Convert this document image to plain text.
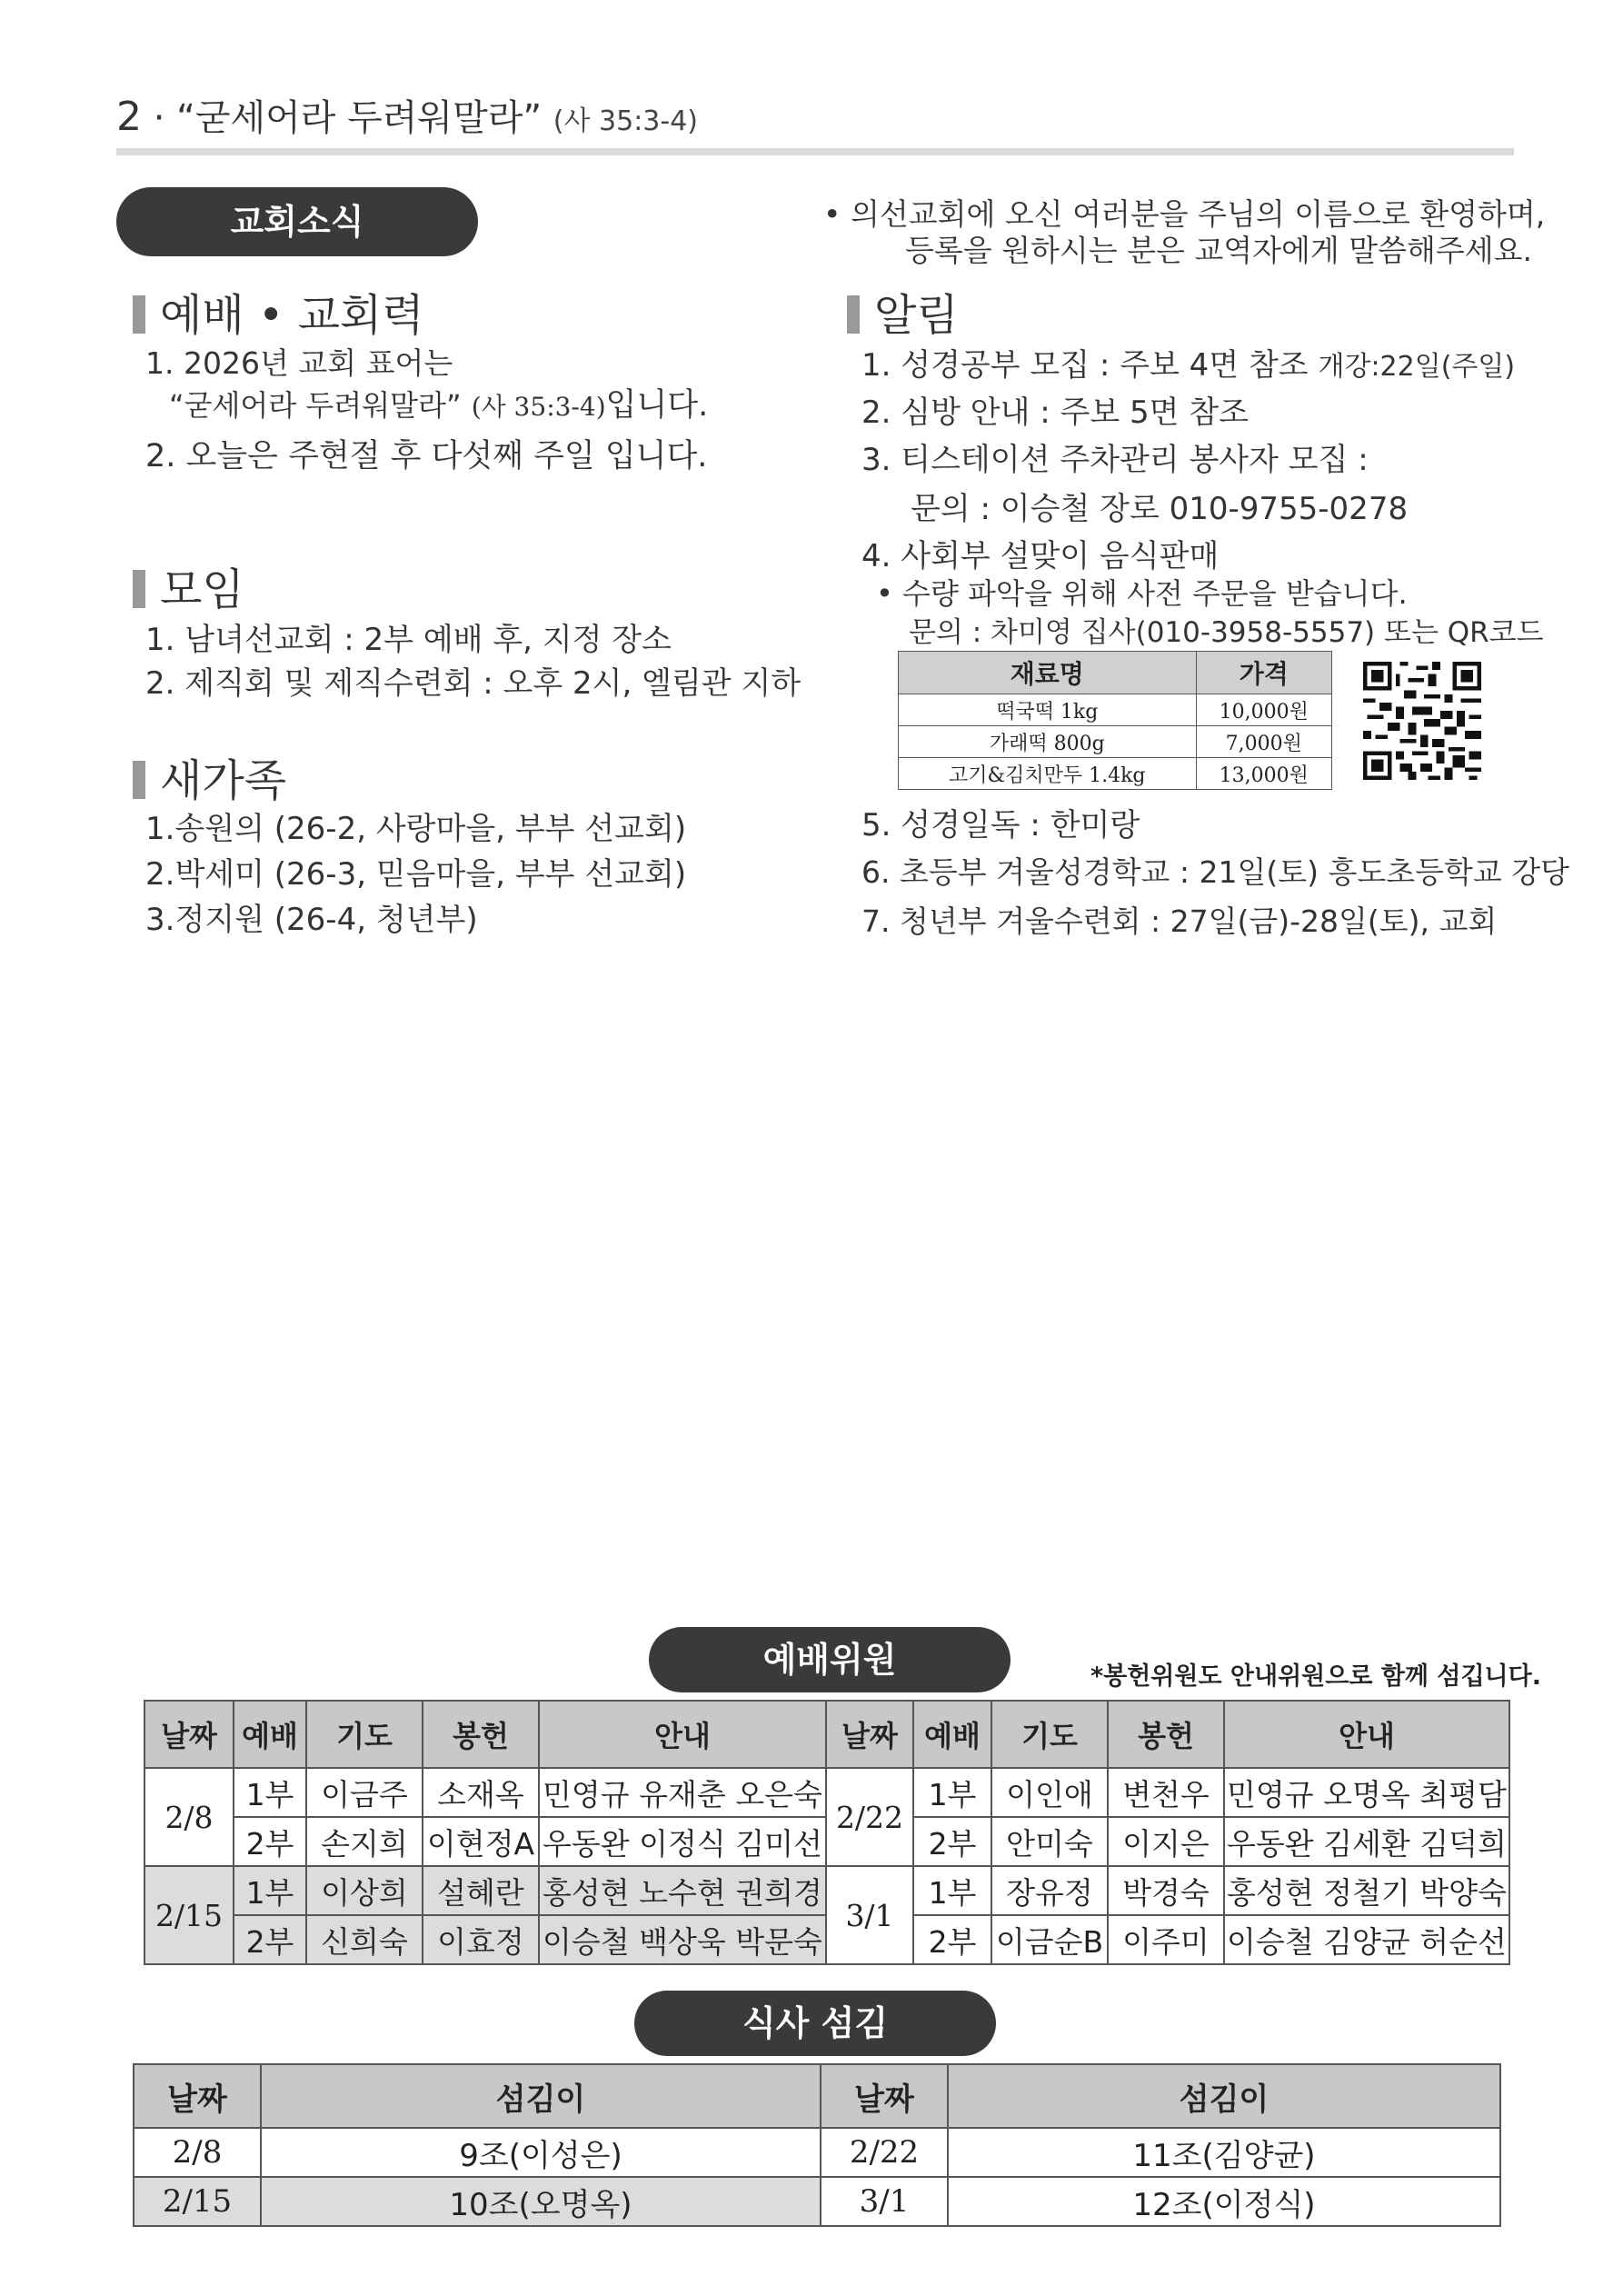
2 · “굳세어라 두려워말라” (사 35:3-4)
교회소식	• 의선교회에 오신 여러분을 주님의 이름으로 환영하며,
등록을 원하시는 분은 교역자에게 말씀해주세요.
예배 • 교회력
1. 2026년 교회 표어는
“굳세어라 두려워말라” (사 35:3-4)입니다.
2. 오늘은 주현절 후 다섯째 주일 입니다.
모임
1. 남녀선교회 : 2부 예배 후, 지정 장소
2. 제직회 및 제직수련회 : 오후 2시, 엘림관 지하
새가족
1.송원의 (26-2, 사랑마을, 부부 선교회)
2.박세미 (26-3, 믿음마을, 부부 선교회)
3.정지원 (26-4, 청년부)
알림
1. 성경공부 모집 : 주보 4면 참조 개강:22일(주일)
2. 심방 안내 : 주보 5면 참조
3. 티스테이션 주차관리 봉사자 모집 :
문의 : 이승철 장로 010-9755-0278
4. 사회부 설맞이 음식판매
• 수량 파악을 위해 사전 주문을 받습니다.
문의 : 차미영 집사(010-3958-5557) 또는 QR코드
재료명	가격
떡국떡 1kg	10,000원
가래떡 800g	7,000원
고기&김치만두 1.4kg	13,000원
5. 성경일독 : 한미랑
6. 초등부 겨울성경학교 : 21일(토) 흥도초등학교 강당
7. 청년부 겨울수련회 : 27일(금)-28일(토), 교회
예배위원	*봉헌위원도 안내위원으로 함께 섬깁니다.
날짜	예배	기도	봉헌	안내	날짜	예배	기도	봉헌	안내
2/8	1부	이금주	소재옥	민영규 유재춘 오은숙	2/22	1부	이인애	변천우	민영규 오명옥 최평담
	2부	손지희	이현정A	우동완 이정식 김미선		2부	안미숙	이지은	우동완 김세환 김덕희
2/15	1부	이상희	설혜란	홍성현 노수현 권희경	3/1	1부	장유정	박경숙	홍성현 정철기 박양숙
	2부	신희숙	이효정	이승철 백상욱 박문숙		2부	이금순B	이주미	이승철 김양균 허순선
식사 섬김
날짜	섬김이	날짜	섬김이
2/8	9조(이성은)	2/22	11조(김양균)
2/15	10조(오명옥)	3/1	12조(이정식)
